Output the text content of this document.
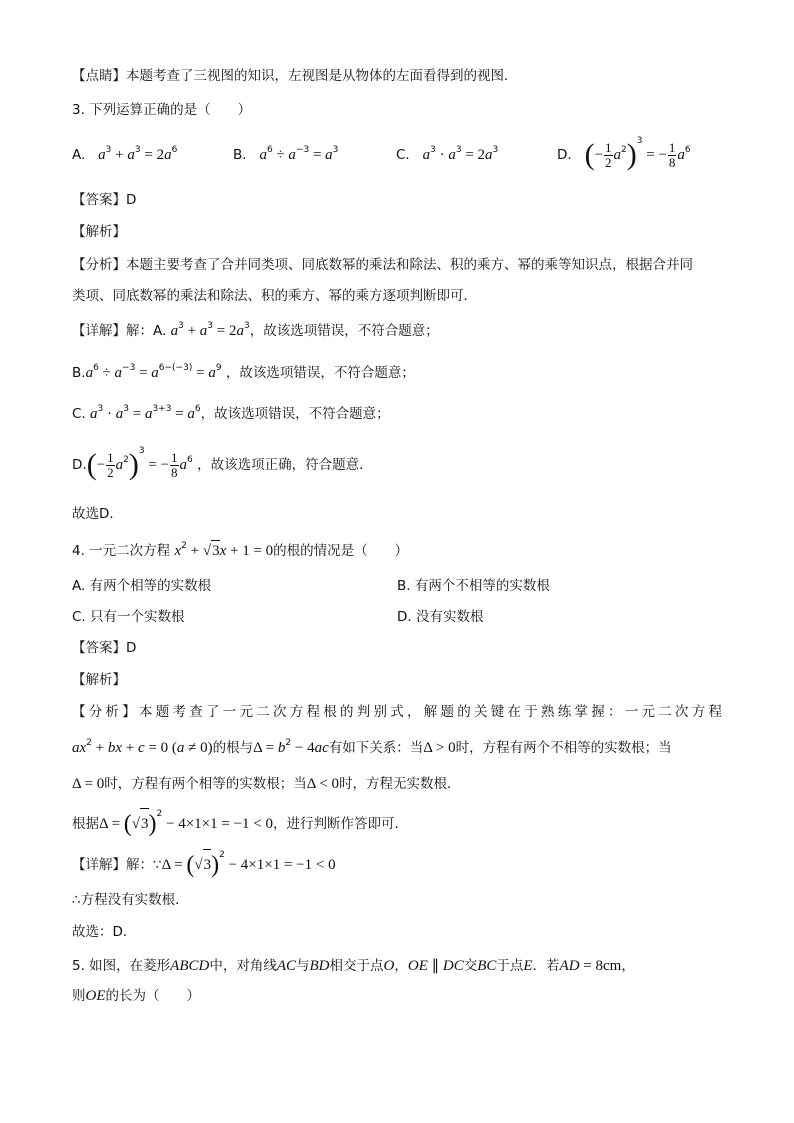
【点睛】本题考查了三视图的知识，左视图是从物体的左面看得到的视图．
3. 下列运算正确的是（　　）
A. $a^3 + a^3 = 2a^6$	B. $a^6 \div a^{-3} = a^3$	C. $a^3 \cdot a^3 = 2a^3$	D. (− $\frac{1}{2} a^2)^3$ = − $\frac{1}{8} a^6$
【答案】D
【解析】
【分析】本题主要考查了合并同类项、同底数幂的乘法和除法、积的乘方、幂的乘等知识点，根据合并同
类项、同底数幂的乘法和除法、积的乘方、幂的乘方逐项判断即可．
【详解】解：A. $a^3 + a^3 = 2a^3$，故该选项错误，不符合题意；
$B.a^6 \div a^{-3} = a^{6-(-3)} = a^9$ ，故该选项错误，不符合题意；
C. $a^3 \cdot a^3 = a^{3+3} = a^6$，故该选项错误，不符合题意；
$D.(- \frac{1}{2} a^2)^3$ = − $\frac{1}{8} a^6$ ，故该选项正确，符合题意．
故选D．
4. 一元二次方程 $x^2 + √3x + 1 = 0$的根的情况是（　　）
A. 有两个相等的实数根	B. 有两个不相等的实数根
C. 只有一个实数根	D. 没有实数根
【答案】D
【解析】
【分析】本题考查了一元二次方程根的判别式，解题的关键在于熟练掌握：一元二次方程
$ax^2$ + bx + c = 0 (a ≠ 0)的根与$\Delta = b^2 - 4ac$有如下关系：当Δ > 0时，方程有两个不相等的实数根；当
Δ = 0时，方程有两个相等的实数根；当Δ < 0时，方程无实数根．
根据$\Delta = (√3)^2 - 4\times 1\times 1 = -1 < 0$，进行判断作答即可．
【详解】解：∵Δ = $(√3)^2 - 4\times 1\times 1 = -1 < 0$
∴方程没有实数根．
故选：D．
5. 如图，在菱形ABCD中，对角线AC与BD相交于点O，OE ∥ DC交BC于点E．若AD = 8cm，
则OE的长为（　　）
